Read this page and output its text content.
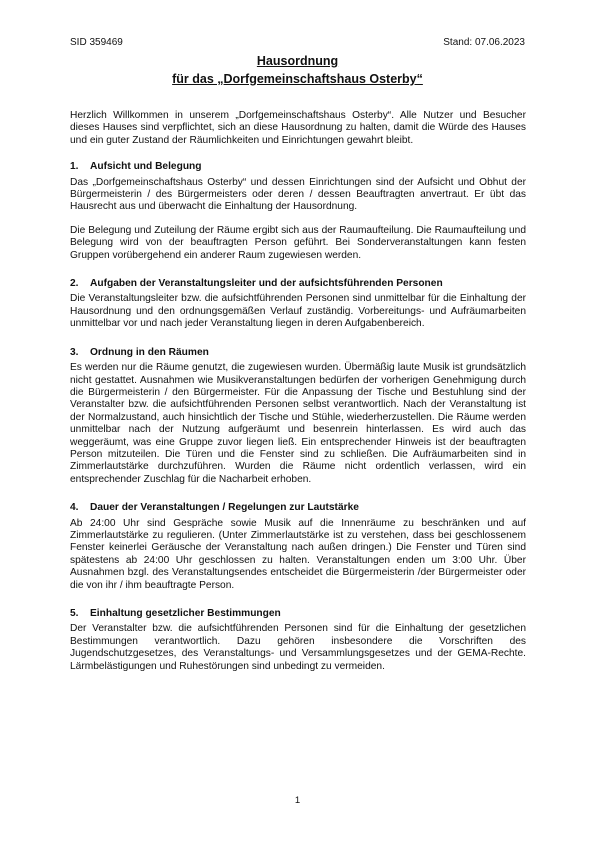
SID 359469	Stand: 07.06.2023
Hausordnung
für das „Dorfgemeinschaftshaus Osterby“

Herzlich Willkommen in unserem „Dorfgemeinschaftshaus Osterby“. Alle Nutzer und Besucher dieses Hauses sind verpflichtet, sich an diese Hausordnung zu halten, damit die Würde des Hauses und ein guter Zustand der Räumlichkeiten und Einrichtungen gewahrt bleibt.

1. Aufsicht und Belegung

Das „Dorfgemeinschaftshaus Osterby“ und dessen Einrichtungen sind der Aufsicht und Obhut der Bürgermeisterin / des Bürgermeisters oder deren / dessen Beauftragten anvertraut. Er übt das Hausrecht aus und überwacht die Einhaltung der Hausordnung.

Die Belegung und Zuteilung der Räume ergibt sich aus der Raumaufteilung. Die Raumaufteilung und Belegung wird von der beauftragten Person geführt. Bei Sonderveranstaltungen kann festen Gruppen vorübergehend ein anderer Raum zugewiesen werden.

2. Aufgaben der Veranstaltungsleiter und der aufsichtsführenden Personen

Die Veranstaltungsleiter bzw. die aufsichtführenden Personen sind unmittelbar für die Einhaltung der Hausordnung und den ordnungsgemäßen Verlauf zuständig. Vorbereitungs- und Aufräumarbeiten unmittelbar vor und nach jeder Veranstaltung liegen in deren Aufgabenbereich.

3. Ordnung in den Räumen

Es werden nur die Räume genutzt, die zugewiesen wurden. Übermäßig laute Musik ist grundsätzlich nicht gestattet. Ausnahmen wie Musikveranstaltungen bedürfen der vorherigen Genehmigung durch die Bürgermeisterin / den Bürgermeister. Für die Anpassung der Tische und Bestuhlung sind der Veranstalter bzw. die aufsichtführenden Personen selbst verantwortlich. Nach der Veranstaltung ist der Normalzustand, auch hinsichtlich der Tische und Stühle, wiederherzustellen. Die Räume werden unmittelbar nach der Nutzung aufgeräumt und besenrein hinterlassen. Es wird auch das weggeräumt, was eine Gruppe zuvor liegen ließ. Ein entsprechender Hinweis ist der beauftragten Person mitzuteilen. Die Türen und die Fenster sind zu schließen. Die Aufräumarbeiten sind in Zimmerlautstärke durchzuführen. Wurden die Räume nicht ordentlich verlassen, wird ein entsprechender Zuschlag für die Nacharbeit erhoben.

4. Dauer der Veranstaltungen / Regelungen zur Lautstärke

Ab 24:00 Uhr sind Gespräche sowie Musik auf die Innenräume zu beschränken und auf Zimmerlautstärke zu regulieren. (Unter Zimmerlautstärke ist zu verstehen, dass bei geschlossenem Fenster keinerlei Geräusche der Veranstaltung nach außen dringen.) Die Fenster und Türen sind spätestens ab 24:00 Uhr geschlossen zu halten. Veranstaltungen enden um 3:00 Uhr. Über Ausnahmen bzgl. des Veranstaltungsendes entscheidet die Bürgermeisterin /der Bürgermeister oder die von ihr / ihm beauftragte Person.

5. Einhaltung gesetzlicher Bestimmungen

Der Veranstalter bzw. die aufsichtführenden Personen sind für die Einhaltung der gesetzlichen Bestimmungen verantwortlich. Dazu gehören insbesondere die Vorschriften des Jugendschutzgesetzes, des Veranstaltungs- und Versammlungsgesetzes und der GEMA-Rechte. Lärmbelästigungen und Ruhestörungen sind unbedingt zu vermeiden.

1
